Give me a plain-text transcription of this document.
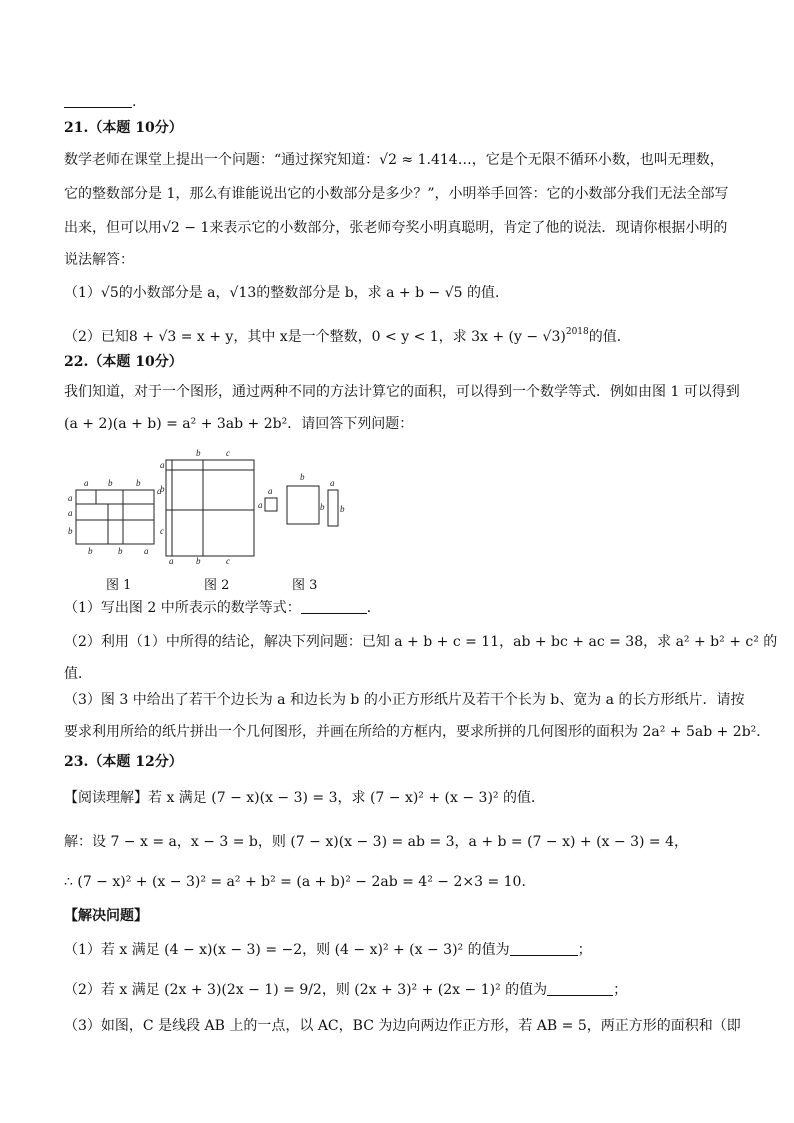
.
21.（本题 10分）
数学老师在课堂上提出一个问题：“通过探究知道：√2 ≈ 1.414…，它是个无限不循环小数，也叫无理数，
它的整数部分是 1，那么有谁能说出它的小数部分是多少？”，小明举手回答：它的小数部分我们无法全部写
出来，但可以用√2 − 1来表示它的小数部分，张老师夸奖小明真聪明，肯定了他的说法．现请你根据小明的
说法解答：
（1）√5的小数部分是 a，√13的整数部分是 b，求 a + b − √5 的值．
（2）已知8 + √3 = x + y，其中 x是一个整数，0 < y < 1，求 $3x + (y - √3)^{2018}$的值．
22.（本题 10分）
我们知道，对于一个图形，通过两种不同的方法计算它的面积，可以得到一个数学等式．例如由图 1 可以得到
(a + 2)(a + b) = a² + 3ab + 2b²．请回答下列问题：
a
a
b
a b	b
a
b	b a
a
b
c
b	c
a	b	c
a
a
b
b
a
b
图 1	图 2	图 3
（1）写出图 2 中所表示的数学等式：	．
（2）利用（1）中所得的结论，解决下列问题：已知 a + b + c = 11，ab + bc + ac = 38，求 a² + b² + c² 的
值．
（3）图 3 中给出了若干个边长为 a 和边长为 b 的小正方形纸片及若干个长为 b、宽为 a 的长方形纸片．请按
要求利用所给的纸片拼出一个几何图形，并画在所给的方框内，要求所拼的几何图形的面积为 2a² + 5ab + 2b²．
23.（本题 12分）
【阅读理解】若 x 满足 (7 − x)(x − 3) = 3，求 (7 − x)² + (x − 3)² 的值．
解：设 7 − x = a，x − 3 = b，则 (7 − x)(x − 3) = ab = 3，a + b = (7 − x) + (x − 3) = 4，
∴ (7 − x)² + (x − 3)² = a² + b² = (a + b)² − 2ab = 4² − 2×3 = 10．
【解决问题】
（1）若 x 满足 (4 − x)(x − 3) = −2，则 (4 − x)² + (x − 3)² 的值为	；
（2）若 x 满足 (2x + 3)(2x − 1) = 9/2，则 (2x + 3)² + (2x − 1)² 的值为	；
（3）如图，C 是线段 AB 上的一点，以 AC，BC 为边向两边作正方形，若 AB = 5，两正方形的面积和（即
